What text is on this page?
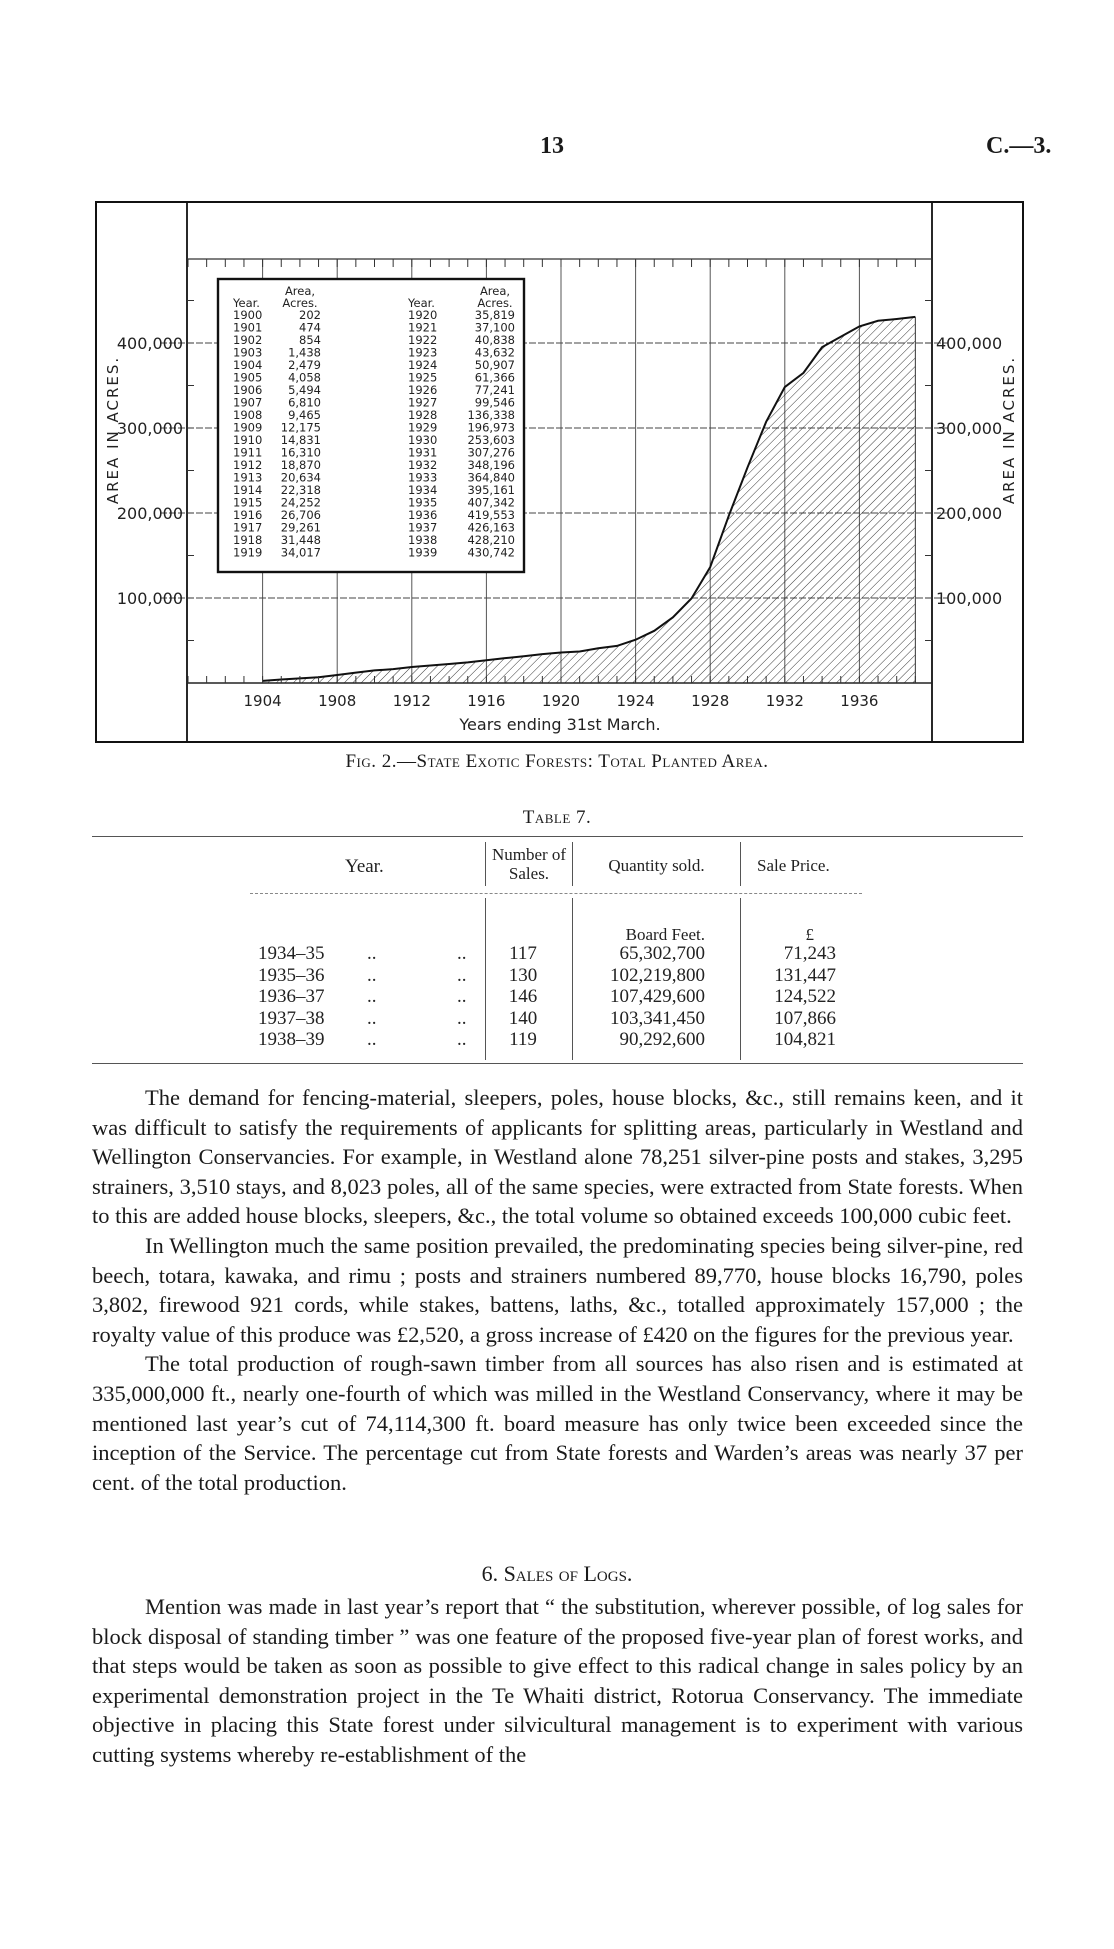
13	C.—3.
1904 1908 1912 1916 1920 1924 1928 1932 1936
100,000	100,000
200,000	200,000
300,000	300,000
400,000	400,000
Area,	Area,
Year. Acres.	Year.	Acres.
1900	202
1901	474
1902	854
1903 1,438
1904 2,479
1905 4,058
1906 5,494
1907 6,810
1908 9,465
1909 12,175
1910 14,831
1911 16,310
1912 18,870
1913 20,634
1914 22,318
1915 24,252
1916 26,706
1917 29,261
1918 31,448
1919 34,017
1920	35,819
1921	37,100
1922	40,838
1923	43,632
1924	50,907
1925	61,366
1926	77,241
1927	99,546
1928	136,338
1929	196,973
1930	253,603
1931	307,276
1932	348,196
1933	364,840
1934	395,161
1935	407,342
1936	419,553
1937	426,163
1938	428,210
1939	430,742
AREA IN ACRES.	AREA IN ACRES.
Years ending 31st March.
Fig. 2.—State Exotic Forests: Total Planted Area.
Table 7.
Year.
Number of
Sales.	Quantity sold.	Sale Price.
Board Feet.	£
1934–35 ..	..	117	65,302,700	71,243
1935–36 ..	..	130	102,219,800	131,447
1936–37 ..	..	146	107,429,600	124,522
1937–38 ..	..	140	103,341,450	107,866
1938–39 ..	..	119	90,292,600	104,821

The demand for fencing-material, sleepers, poles, house blocks, &c., still remains keen, and it was difficult to satisfy the requirements of applicants for splitting areas, particularly in Westland and Wellington Conservancies. For example, in Westland alone 78,251 silver-pine posts and stakes, 3,295 strainers, 3,510 stays, and 8,023 poles, all of the same species, were extracted from State forests. When to this are added house blocks, sleepers, &c., the total volume so obtained exceeds 100,000 cubic feet.

In Wellington much the same position prevailed, the predominating species being silver-pine, red beech, totara, kawaka, and rimu ; posts and strainers numbered 89,770, house blocks 16,790, poles 3,802, firewood 921 cords, while stakes, battens, laths, &c., totalled approximately 157,000 ; the royalty value of this produce was £2,520, a gross increase of £420 on the figures for the previous year.

The total production of rough-sawn timber from all sources has also risen and is estimated at 335,000,000 ft., nearly one-fourth of which was milled in the Westland Conservancy, where it may be mentioned last year’s cut of 74,114,300 ft. board measure has only twice been exceeded since the inception of the Service. The percentage cut from State forests and Warden’s areas was nearly 37 per cent. of the total production.

6. Sales of Logs.

Mention was made in last year’s report that “ the substitution, wherever possible, of log sales for block disposal of standing timber ” was one feature of the proposed five-year plan of forest works, and that steps would be taken as soon as possible to give effect to this radical change in sales policy by an experimental demonstration project in the Te Whaiti district, Rotorua Conservancy. The immediate objective in placing this State forest under silvicultural management is to experiment with various cutting systems whereby re-establishment of the
